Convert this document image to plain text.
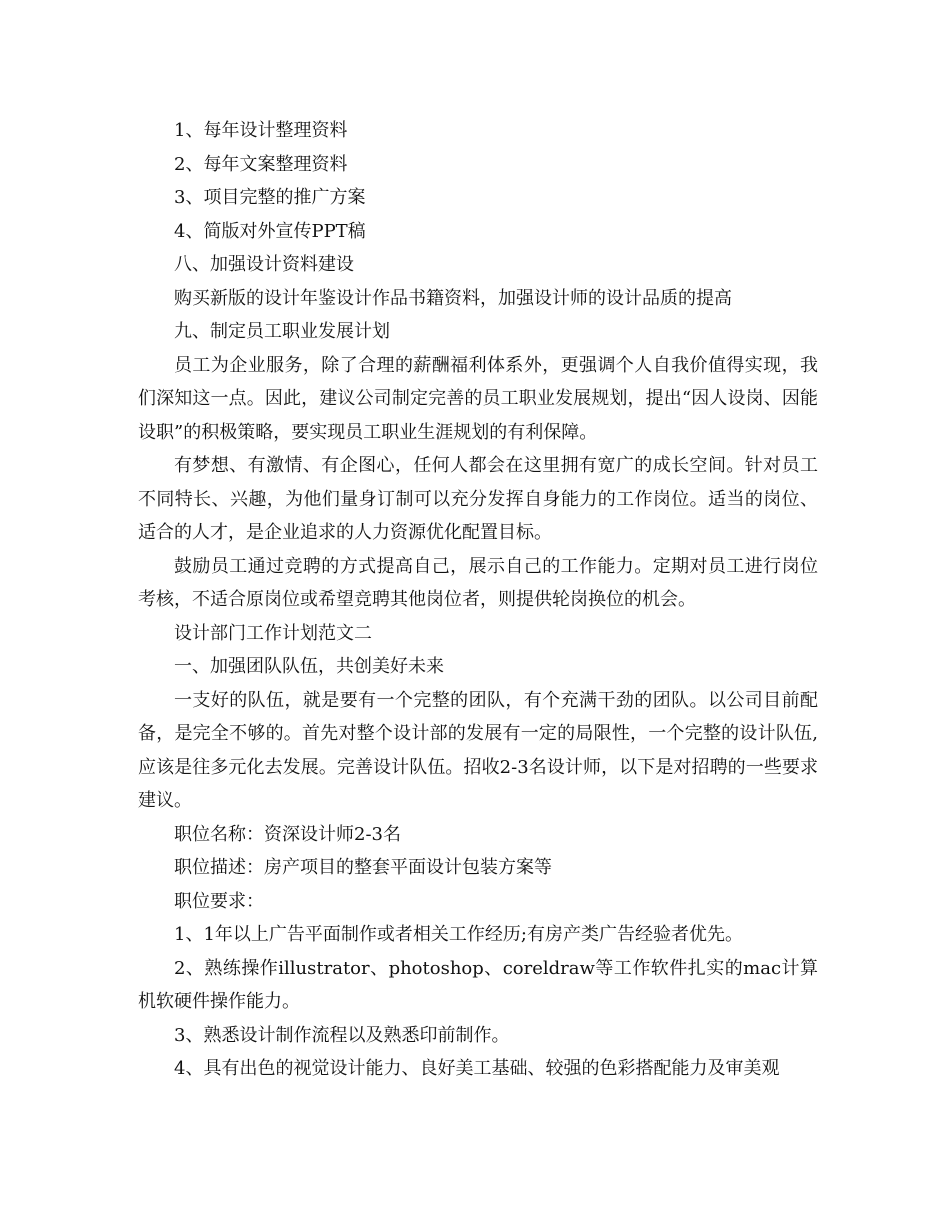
1、每年设计整理资料

2、每年文案整理资料

3、项目完整的推广方案

4、简版对外宣传PPT稿

八、加强设计资料建设

购买新版的设计年鉴设计作品书籍资料，加强设计师的设计品质的提高

九、制定员工职业发展计划

员工为企业服务，除了合理的薪酬福利体系外，更强调个人自我价值得实现，我们深知这一点。因此，建议公司制定完善的员工职业发展规划，提出“因人设岗、因能设职”的积极策略，要实现员工职业生涯规划的有利保障。

有梦想、有激情、有企图心，任何人都会在这里拥有宽广的成长空间。针对员工不同特长、兴趣，为他们量身订制可以充分发挥自身能力的工作岗位。适当的岗位、适合的人才，是企业追求的人力资源优化配置目标。

鼓励员工通过竞聘的方式提高自己，展示自己的工作能力。定期对员工进行岗位考核，不适合原岗位或希望竞聘其他岗位者，则提供轮岗换位的机会。

设计部门工作计划范文二

一、加强团队队伍，共创美好未来

一支好的队伍，就是要有一个完整的团队，有个充满干劲的团队。以公司目前配备，是完全不够的。首先对整个设计部的发展有一定的局限性，一个完整的设计队伍,应该是往多元化去发展。完善设计队伍。招收2-3名设计师，以下是对招聘的一些要求建议。

职位名称：资深设计师2-3名

职位描述：房产项目的整套平面设计包装方案等

职位要求：

1、1年以上广告平面制作或者相关工作经历;有房产类广告经验者优先。

2、熟练操作illustrator、photoshop、coreldraw等工作软件扎实的mac计算机软硬件操作能力。

3、熟悉设计制作流程以及熟悉印前制作。

4、具有出色的视觉设计能力、良好美工基础、较强的色彩搭配能力及审美观
